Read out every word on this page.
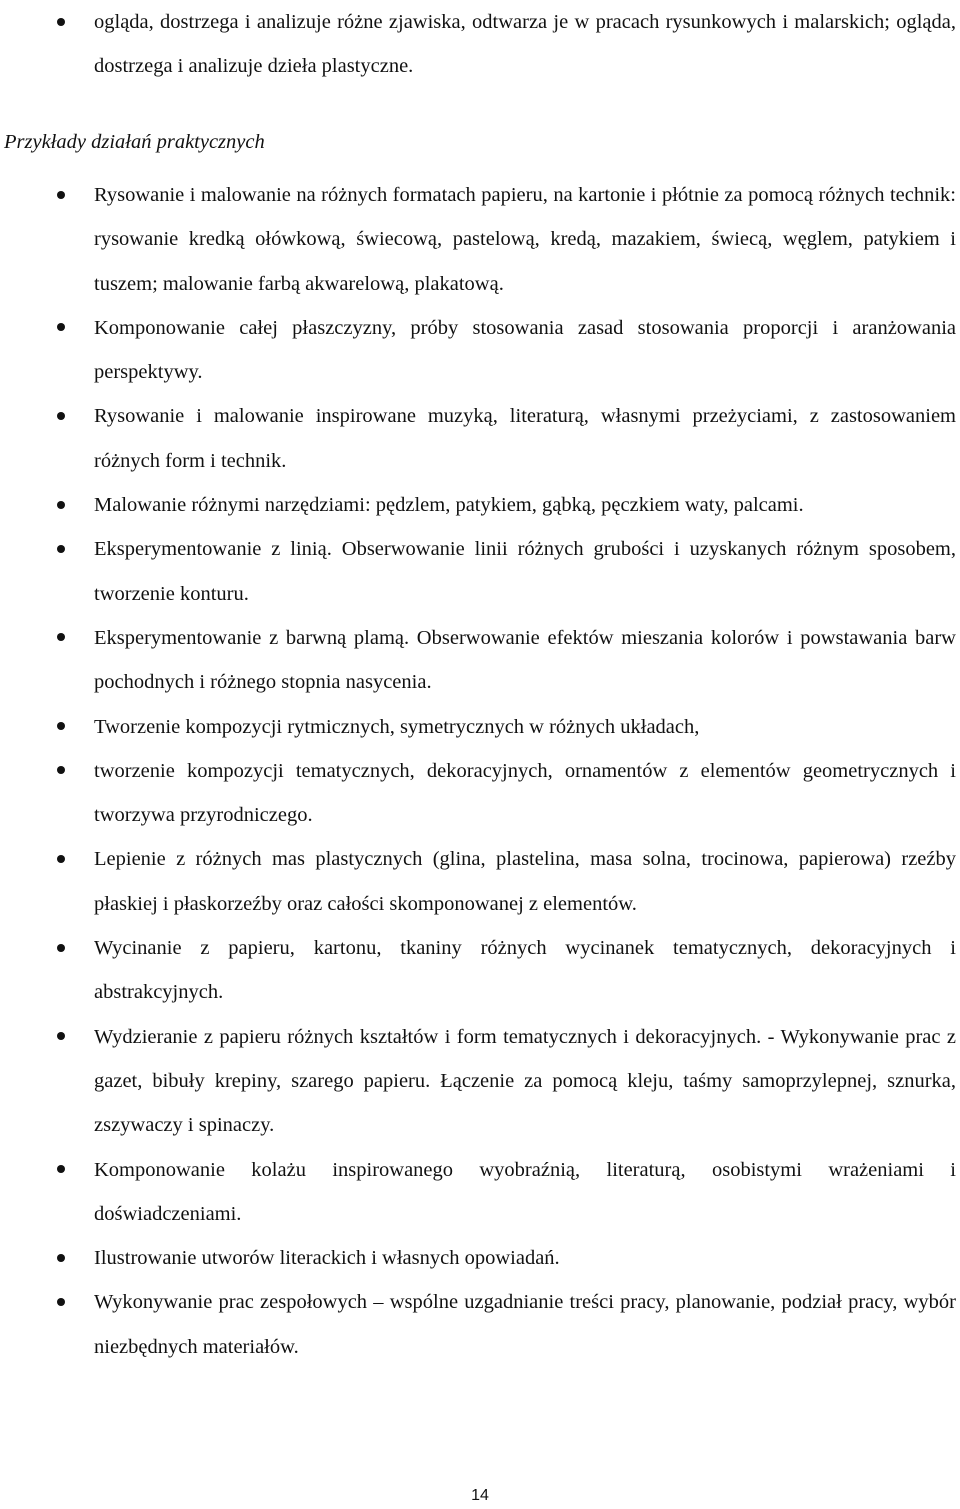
ogląda, dostrzega i analizuje różne zjawiska, odtwarza je w pracach rysunkowych i malarskich; ogląda, dostrzega i analizuje dzieła plastyczne.
Przykłady działań praktycznych
Rysowanie i malowanie na różnych formatach papieru, na kartonie i płótnie za pomocą różnych technik: rysowanie kredką ołówkową, świecową, pastelową, kredą, mazakiem, świecą, węglem, patykiem i tuszem; malowanie farbą akwarelową, plakatową.
Komponowanie całej płaszczyzny, próby stosowania zasad stosowania proporcji i aranżowania perspektywy.
Rysowanie i malowanie inspirowane muzyką, literaturą, własnymi przeżyciami, z zastosowaniem różnych form i technik.
Malowanie różnymi narzędziami: pędzlem, patykiem, gąbką, pęczkiem waty, palcami.
Eksperymentowanie z linią. Obserwowanie linii różnych grubości i uzyskanych różnym sposobem, tworzenie konturu.
Eksperymentowanie z barwną plamą. Obserwowanie efektów mieszania kolorów i powstawania barw pochodnych i różnego stopnia nasycenia.
Tworzenie kompozycji rytmicznych, symetrycznych w różnych układach,
tworzenie kompozycji tematycznych, dekoracyjnych, ornamentów z elementów geometrycznych i tworzywa przyrodniczego.
Lepienie z różnych mas plastycznych (glina, plastelina, masa solna, trocinowa, papierowa) rzeźby płaskiej i płaskorzeźby oraz całości skomponowanej z elementów.
Wycinanie z papieru, kartonu, tkaniny różnych wycinanek tematycznych, dekoracyjnych i abstrakcyjnych.
Wydzieranie z papieru różnych kształtów i form tematycznych i dekoracyjnych. - Wykonywanie prac z gazet, bibuły krepiny, szarego papieru. Łączenie za pomocą kleju, taśmy samoprzylepnej, sznurka, zszywaczy i spinaczy.
Komponowanie kolażu inspirowanego wyobraźnią, literaturą, osobistymi wrażeniami i doświadczeniami.
Ilustrowanie utworów literackich i własnych opowiadań.
Wykonywanie prac zespołowych – wspólne uzgadnianie treści pracy, planowanie, podział pracy, wybór niezbędnych materiałów.
14
